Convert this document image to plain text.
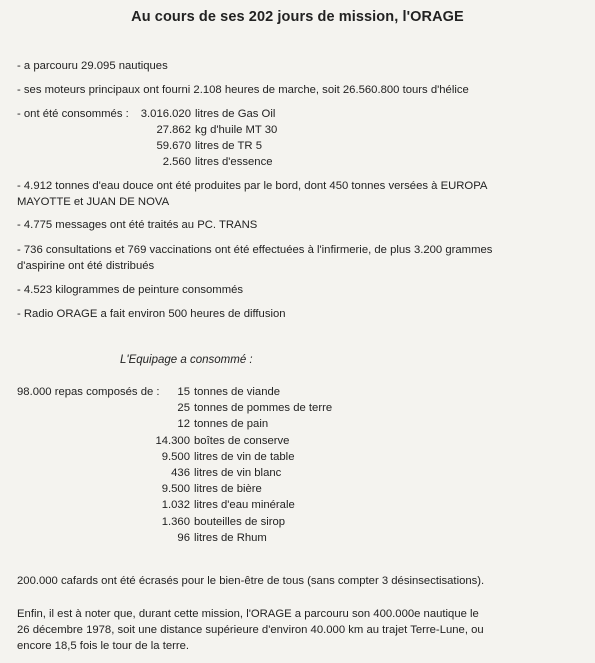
Au cours de ses 202 jours de mission, l'ORAGE
- a parcouru 29.095 nautiques
- ses moteurs principaux ont fourni 2.108 heures de marche, soit 26.560.800 tours d'hélice
- ont été consommés :	3.016.020 litres de Gas Oil
27.862 kg d'huile MT 30
59.670 litres de TR 5
2.560 litres d'essence
- 4.912 tonnes d'eau douce ont été produites par le bord, dont 450 tonnes versées à EUROPA
MAYOTTE et JUAN DE NOVA
- 4.775 messages ont été traités au PC. TRANS
- 736 consultations et 769 vaccinations ont été effectuées à l'infirmerie, de plus 3.200 grammes
d'aspirine ont été distribués
- 4.523 kilogrammes de peinture consommés
- Radio ORAGE a fait environ 500 heures de diffusion
L'Equipage a consommé :
98.000 repas composés de :	15 tonnes de viande
25 tonnes de pommes de terre
12 tonnes de pain
14.300 boîtes de conserve
9.500 litres de vin de table
436 litres de vin blanc
9.500 litres de bière
1.032 litres d'eau minérale
1.360 bouteilles de sirop
96 litres de Rhum
200.000 cafards ont été écrasés pour le bien-être de tous (sans compter 3 désinsectisations).
Enfin, il est à noter que, durant cette mission, l'ORAGE a parcouru son 400.000e nautique le
26 décembre 1978, soit une distance supérieure d'environ 40.000 km au trajet Terre-Lune, ou
encore 18,5 fois le tour de la terre.
